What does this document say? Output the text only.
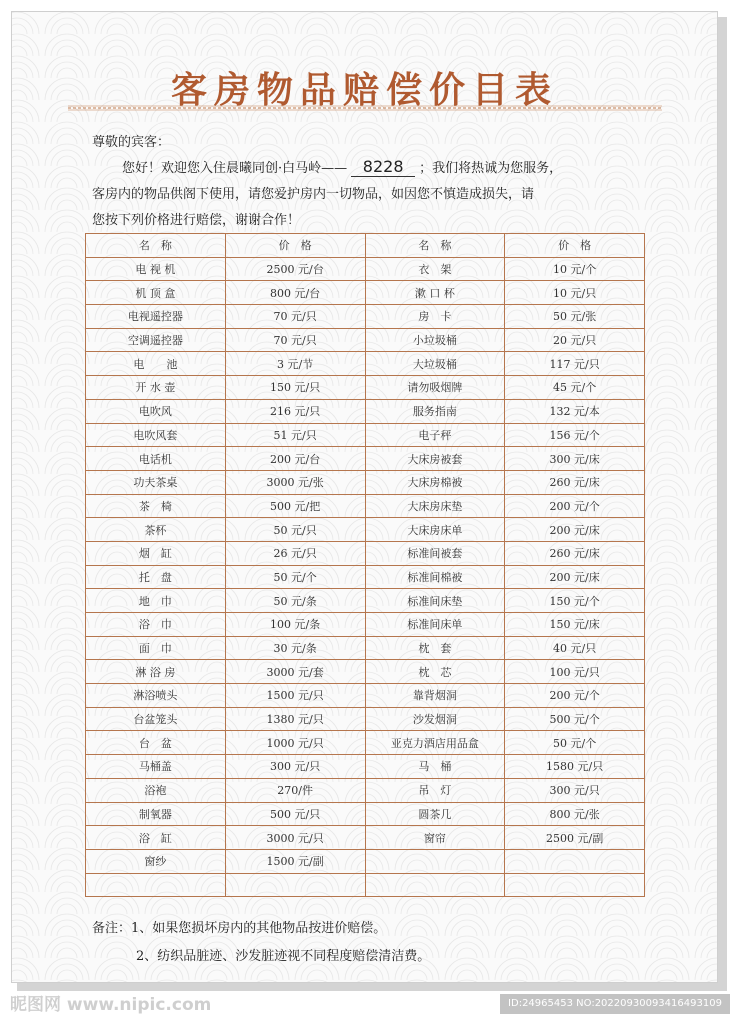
客房物品赔偿价目表
尊敬的宾客：
您好！欢迎您入住晨曦同创·白马岭—— 8228 ；我们将热诚为您服务，
客房内的物品供阁下使用，请您爱护房内一切物品，如因您不慎造成损失，请
您按下列价格进行赔偿，谢谢合作！
名　称	价　格	名　称	价　格
电 视 机	2500 元/台	衣　架	10 元/个
机 顶 盒	800 元/台	漱 口 杯	10 元/只
电视遥控器	70 元/只	房　卡	50 元/张
空调遥控器	70 元/只	小垃圾桶	20 元/只
电　　池	3 元/节	大垃圾桶	117 元/只
开 水 壶	150 元/只	请勿吸烟牌	45 元/个
电吹风	216 元/只	服务指南	132 元/本
电吹风套	51 元/只	电子秤	156 元/个
电话机	200 元/台	大床房被套	300 元/床
功夫茶桌	3000 元/张	大床房棉被	260 元/床
茶　椅	500 元/把	大床房床垫	200 元/个
茶杯	50 元/只	大床房床单	200 元/床
烟　缸	26 元/只	标准间被套	260 元/床
托　盘	50 元/个	标准间棉被	200 元/床
地　巾	50 元/条	标准间床垫	150 元/个
浴　巾	100 元/条	标准间床单	150 元/床
面　巾	30 元/条	枕　套	40 元/只
淋 浴 房	3000 元/套	枕　芯	100 元/只
淋浴喷头	1500 元/只	靠背烟洞	200 元/个
台盆笼头	1380 元/只	沙发烟洞	500 元/个
台　盆	1000 元/只	亚克力酒店用品盒	50 元/个
马桶盖	300 元/只	马　桶	1580 元/只
浴袍	270/件	吊　灯	300 元/只
制氧器	500 元/只	圆茶几	800 元/张
浴　缸	3000 元/只	窗帘	2500 元/副
窗纱	1500 元/副		

备注：1、如果您损坏房内的其他物品按进价赔偿。
2、纺织品脏迹、沙发脏迹视不同程度赔偿清洁费。
昵图网 www.nipic.com	ID:24965453 NO:20220930093416493109
